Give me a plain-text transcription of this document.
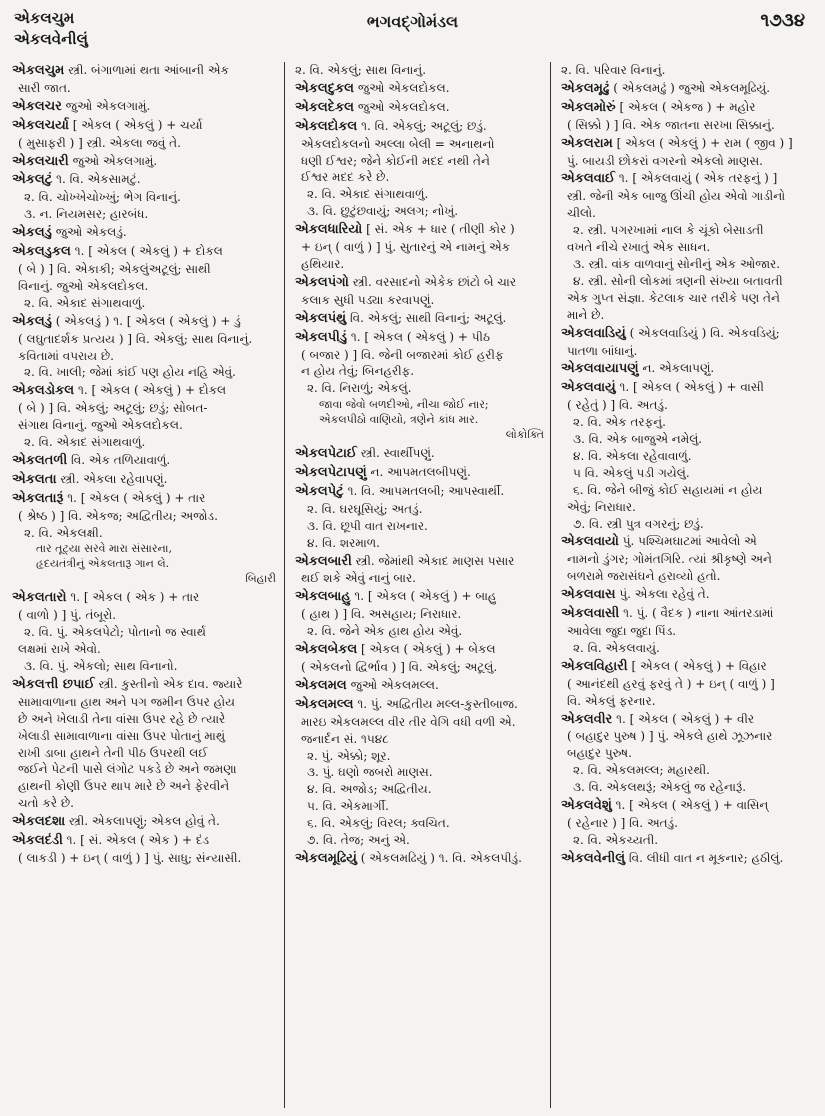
એકલચુમ
એકલવેનીલું
ભગવદ્ગોમંડલ	૧૭૩૪
એકલચુમ સ્ત્રી. બંગાળામાં થતા આંબાની એક
સારી જાત.
એકલચર જુઓ એકલગામું.
એકલચર્યા [ એકલ ( એકલું ) + ચર્યા
( મુસાફરી ) ] સ્ત્રી. એકલા જવું તે.
એકલચારી જુઓ એકલગામું.
એકલટું ૧. વિ. એકસામટું.
૨. વિ. ચોખ્ખેચોખ્ખું; ભેગ વિનાનું.
૩. ન. નિયમસર; હારબંધ.
એકલડું જુઓ એકલડું.
એકલડુકલ ૧. [ એકલ ( એકલું ) + દોકલ
( બે ) ] વિ. એકાકી; એકલુંઅટૂલું; સાથી
વિનાનું. જુઓ એકલદોકલ.
૨. વિ. એકાદ સંગાથવાળું.
એકલડું ( એકલડું ) ૧. [ એકલ ( એકલું ) + ડું
( લઘુતાદર્શક પ્રત્યય ) ] વિ. એકલું; સાથ વિનાનું.
કવિતામાં વપરાય છે.
૨. વિ. ખાલી; જેમાં કાંઈ પણ હોય નહિ એવું.
એકલડોકલ ૧. [ એકલ ( એકલું ) + દોકલ
( બે ) ] વિ. એકલું; અટૂલું; છડું; સોબત-
સંગાથ વિનાનું. જુઓ એકલદોકલ.
૨. વિ. એકાદ સંગાથવાળું.
એકલતળી વિ. એક તળિયાવાળું.
એકલતા સ્ત્રી. એકલા રહેવાપણું.
એકલતારૂં ૧. [ એકલ ( એકલું ) + તાર
( શ્રેષ્ઠ ) ] વિ. એકજ; અદ્વિતીય; અજોડ.
૨. વિ. એકલક્ષી.
તાર તૂટ્યા સરવે મારા સંસારના,
હૃદયતંત્રીનું એકલતારૂ ગાન લે.
બિહારી
એકલતારો ૧. [ એકલ ( એક ) + તાર
( વાળો ) ] પું. તંબૂરો.
૨. વિ. પું. એકલપેટો; પોતાનો જ સ્વાર્થ
લક્ષમાં રાખે એવો.
૩. વિ. પું. એકલો; સાથ વિનાનો.
એકલત્તી છપાઈ સ્ત્રી. કુસ્તીનો એક દાવ. જ્યારે
સામાવાળાના હાથ અને પગ જમીન ઉપર હોય
છે અને ખેલાડી તેના વાંસા ઉપર રહે છે ત્યારે
ખેલાડી સામાવાળાના વાંસા ઉપર પોતાનું માથું
રાખી ડાબા હાથને તેની પીઠ ઉપરથી લઈ
જઈને પેટની પાસે લંગોટ પકડે છે અને જમણા
હાથની કોણી ઉપર થાપ મારે છે અને ફેરવીને
ચતો કરે છે.
એકલદશા સ્ત્રી. એકલાપણું; એકલ હોવું તે.
એકલદંડી ૧. [ સં. એકલ ( એક ) + દંડ
( લાકડી ) + ઇન્ ( વાળું ) ] પું. સાધુ; સંન્યાસી.
૨. વિ. એકલું; સાથ વિનાનું.
એકલદુકલ જુઓ એકલદોકલ.
એકલદેકલ જુઓ એકલદોકલ.
એકલદોકલ ૧. વિ. એકલું; અટૂલું; છડું.
એકલદોકલનો અલ્લા બેલી = અનાથનો
ધણી ઈશ્વર; જેને કોઈની મદદ નથી તેને
ઈશ્વર મદદ કરે છે.
૨. વિ. એકાદ સંગાથવાળું.
૩. વિ. છુટુંછવાયું; અલગ; નોખું.
એકલધારિયો [ સં. એક + ધાર ( તીણી કોર )
+ ઇન્ ( વાળું ) ] પું. સુતારનું એ નામનું એક
હથિયાર.
એકલપંગો સ્ત્રી. વરસાદનો એકેક છાંટો બે ચાર
કલાક સુધી પડ્યા કરવાપણું.
એકલપંથું વિ. એકલું; સાથી વિનાનું; અટૂલું.
એકલપીડું ૧. [ એકલ ( એકલું ) + પીઠ
( બજાર ) ] વિ. જેની બજારમાં કોઈ હરીફ
ન હોય તેવું; બિનહરીફ.
૨. વિ. નિરાળું; એકલું.
જાવા જેવો બળદીઓ, નીચા જોઈ નાર;
એકલપીઠો વાણિયો, ત્રણેને કાંધ માર.
લોકોક્તિ
એકલપેટાઈ સ્ત્રી. સ્વાર્થીપણું.
એકલપેટાપણું ન. આપમતલબીપણું.
એકલપેટું ૧. વિ. આપમતલબી; આપસ્વાર્થી.
૨. વિ. ઘરઘૂસિયું; અતડું.
૩. વિ. છૂપી વાત રાખનાર.
૪. વિ. શરમાળ.
એકલબારી સ્ત્રી. જેમાંથી એકાદ માણસ પસાર
થઈ શકે એવું નાનું બાર.
એકલબાહુ ૧. [ એકલ ( એકલું ) + બાહુ
( હાથ ) ] વિ. અસહાય; નિરાધાર.
૨. વિ. જેને એક હાથ હોય એવું.
એકલબેકલ [ એકલ ( એકલું ) + બેકલ
( એકલનો દ્વિર્ભાવ ) ] વિ. એકલું; અટૂલું.
એકલમલ જુઓ એકલમલ્લ.
એકલમલ્લ ૧. પું. અદ્વિતીય મલ્લ-કુસ્તીબાજ.
મારઇ એકલમલ્લ વીર તીર વેગિ વધી વળી એ.
જનાર્દન સં. ૧૫૪૮
૨. પું. એક્કો; શૂર.
૩. પું. ઘણો જબરો માણસ.
૪. વિ. અજોડ; અદ્વિતીય.
૫. વિ. એકમાર્ગી.
૬. વિ. એકલું; વિરલ; ક્વચિત.
૭. વિ. તેજ; અનું એ.
એકલમૂઢિયું ( એકલમઢિયું ) ૧. વિ. એકલપીડું.
૨. વિ. પરિવાર વિનાનું.
એકલમૂઢું ( એકલમઢું ) જુઓ એકલમૂઢિયું.
એકલમોરું [ એકલ ( એકજ ) + મહોર
( સિક્કો ) ] વિ. એક જાતના સરખા સિક્કાનું.
એકલરામ [ એકલ ( એકલું ) + રામ ( જીવ ) ]
પું. બાયડી છોકરાં વગરનો એકલો માણસ.
એકલવાઈ ૧. [ એકલવાયું ( એક તરફનું ) ]
સ્ત્રી. જેની એક બાજુ ઊંચી હોય એવો ગાડીનો
ચીલો.
૨. સ્ત્રી. પગરખામાં નાલ કે ચૂંકો બેસાડતી
વખતે નીચે રખાતું એક સાધન.
૩. સ્ત્રી. વાંક વાળવાનું સોનીનું એક ઓજાર.
૪. સ્ત્રી. સોની લોકમાં ત્રણની સંખ્યા બતાવતી
એક ગુપ્ત સંજ્ઞા. કેટલાક ચાર તરીકે પણ તેને
માને છે.
એકલવાડિયું ( એકલવાડિયું ) વિ. એકવડિયું;
પાતળા બાંધાનું.
એકલવાયાપણું ન. એકલાપણું.
એકલવાયું ૧. [ એકલ ( એકલું ) + વાસી
( રહેતું ) ] વિ. અતડું.
૨. વિ. એક તરફનું.
૩. વિ. એક બાજુએ નમેલું.
૪. વિ. એકલા રહેવાવાળું.
૫ વિ. એકલું પડી ગયેલું.
૬. વિ. જેને બીજું કોઈ સહાયમાં ન હોય
એવું; નિરાધાર.
૭. વિ. સ્ત્રી પુત્ર વગરનું; છડું.
એકલવાયો પું. પશ્ચિમઘાટમાં આવેલો એ
નામનો ડુંગર; ગોમંતગિરિ. ત્યાં શ્રીકૃષ્ણે અને
બળરામે જરાસંઘને હરાવ્યો હતો.
એકલવાસ પું. એકલા રહેવું તે.
એકલવાસી ૧. પું. ( વૈદક ) નાના આંતરડામાં
આવેલા જુદા જુદા પિંડ.
૨. વિ. એકલવાયું.
એકલવિહારી [ એકલ ( એકલું ) + વિહાર
( આનંદથી હરવું ફરવું તે ) + ઇન્ ( વાળું ) ]
વિ. એકલું ફરનાર.
એકલવીર ૧. [ એકલ ( એકલું ) + વીર
( બહાદુર પુરુષ ) ] પું. એકલે હાથે ઝૂઝનાર
બહાદુર પુરુષ.
૨. વિ. એકલમલ્લ; મહારથી.
૩. વિ. એકલથરૂં; એકલું જ રહેનારૂં.
એકલવેશું ૧. [ એકલ ( એકલું ) + વાસિન્
( રહેનાર ) ] વિ. અતડું.
૨. વિ. એકચ્યતી.
એકલવેનીલું વિ. લીધી વાત ન મૂકનાર; હઠીલું.
